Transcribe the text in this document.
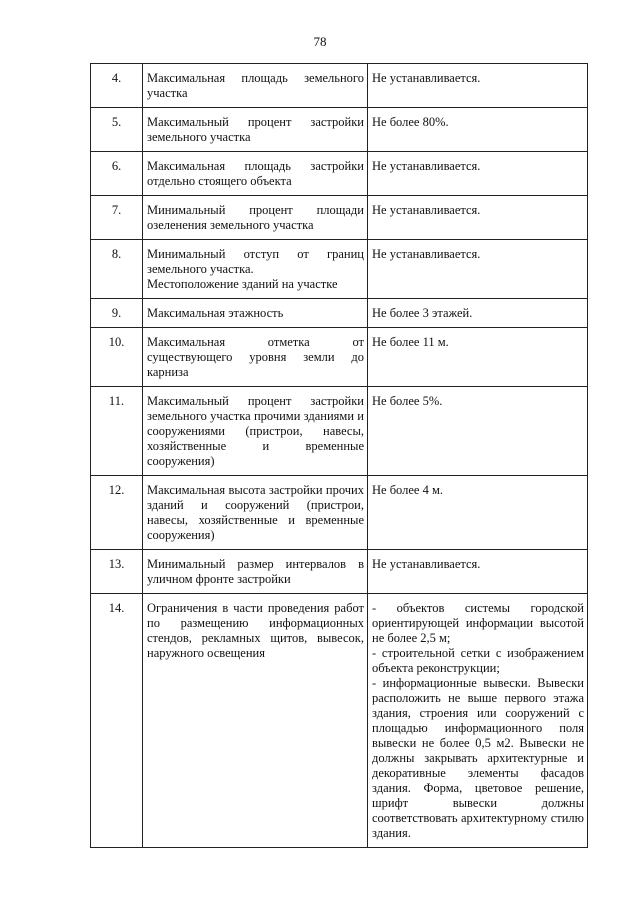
78
4.	Максимальная площадь земельного участка	Не устанавливается.

5.	Максимальный процент застройки земельного участка	Не более 80%.

6.	Максимальная площадь застройки отдельно стоящего объекта	Не устанавливается.

7.	Минимальный процент площади озеленения земельного участка	Не устанавливается.

8.	Минимальный отступ от границ земельного участка.
Местоположение зданий на участке	Не устанавливается.

9.	Максимальная этажность	Не более 3 этажей.

10.	Максимальная отметка от существующего уровня земли до карниза	Не более 11 м.

11.	Максимальный процент застройки земельного участка прочими зданиями и сооружениями (пристрои, навесы, хозяйственные и временные сооружения)	Не более 5%.

12.	Максимальная высота застройки прочих зданий и сооружений (пристрои, навесы, хозяйственные и временные сооружения)	Не более 4 м.

13.	Минимальный размер интервалов в уличном фронте застройки	Не устанавливается.

14.	Ограничения в части проведения работ по размещению информационных стендов, рекламных щитов, вывесок, наружного освещения	- объектов системы городской ориентирующей информации высотой не более 2,5 м;
- строительной сетки с изображением объекта реконструкции;
- информационные вывески. Вывески расположить не выше первого этажа здания, строения или сооружений с площадью информационного поля вывески не более 0,5 м2. Вывески не должны закрывать архитектурные и декоративные элементы фасадов здания. Форма, цветовое решение, шрифт вывески должны соответствовать архитектурному стилю здания.
